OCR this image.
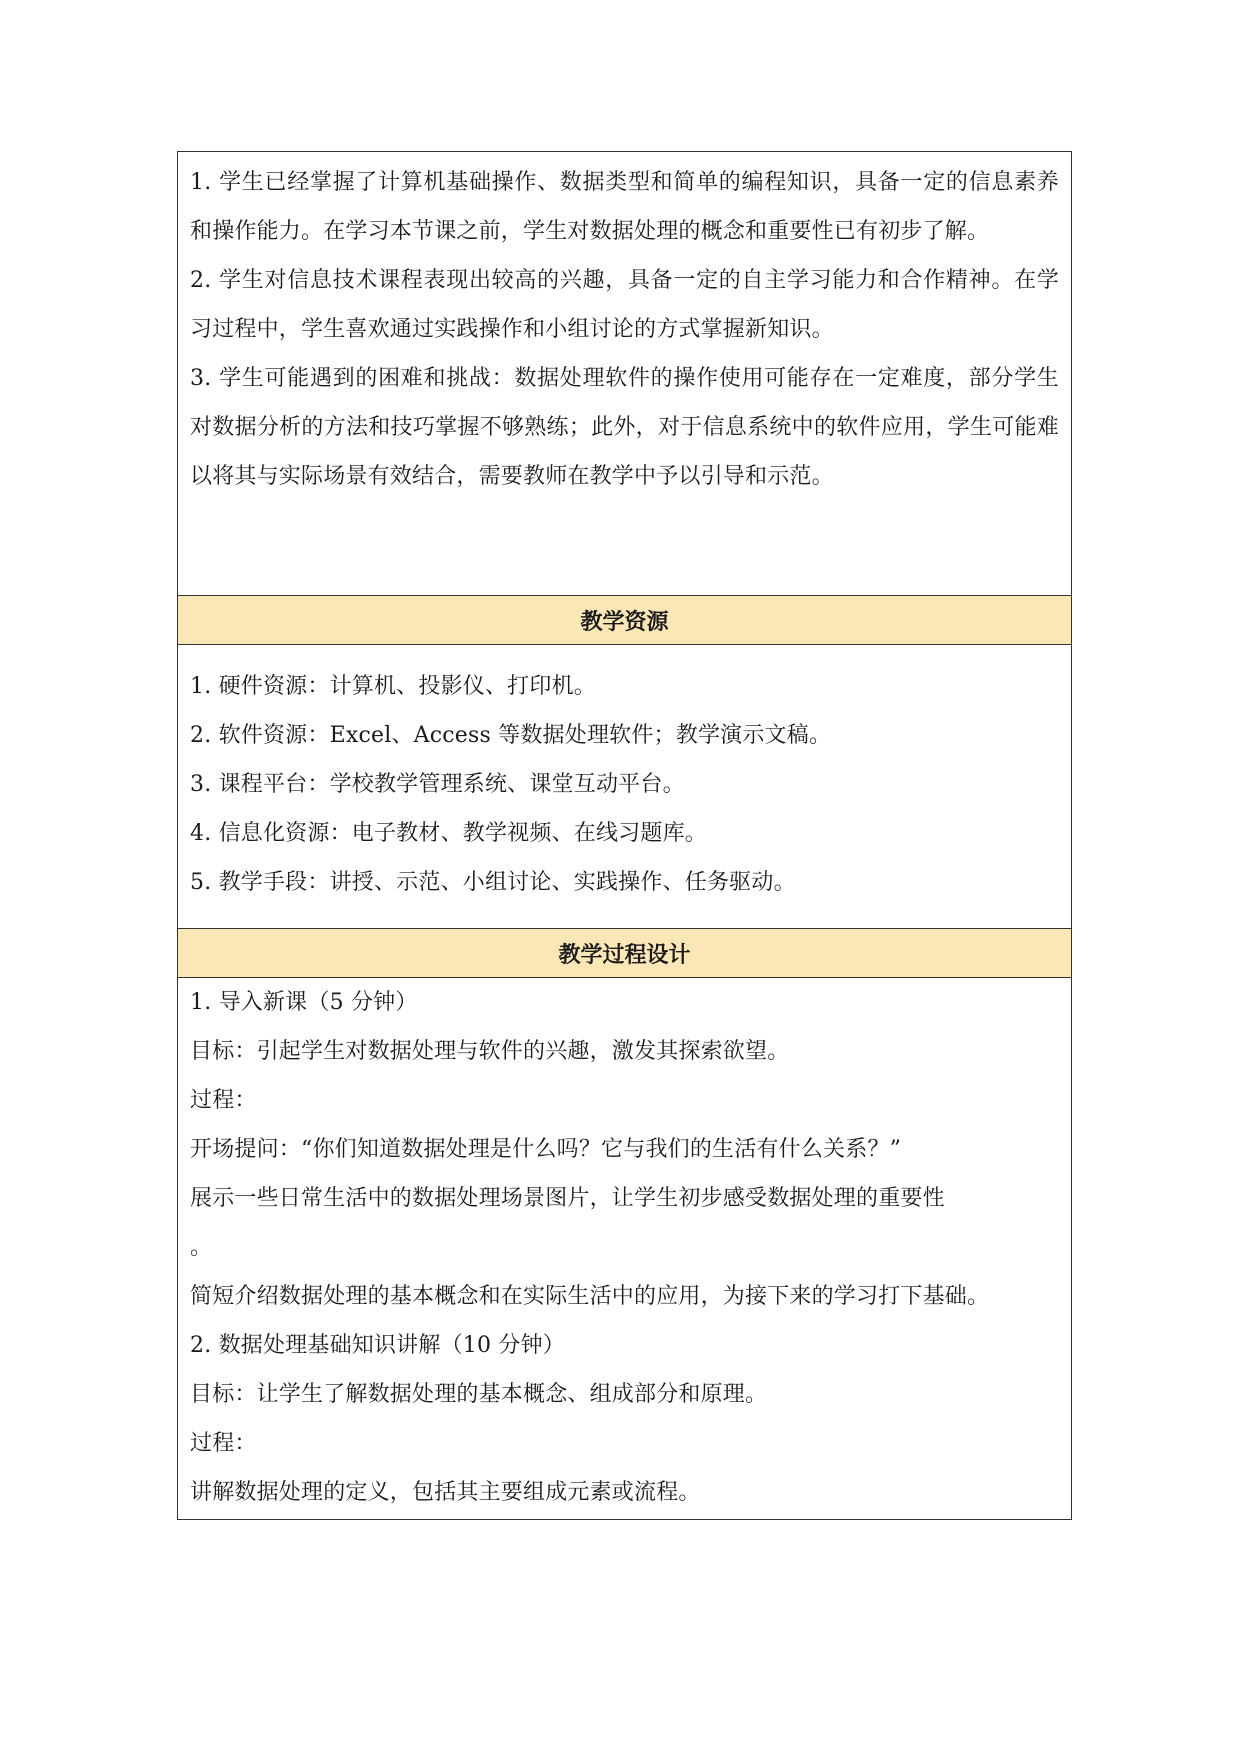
1. 学生已经掌握了计算机基础操作、数据类型和简单的编程知识，具备一定的信息素养和操作能力。在学习本节课之前，学生对数据处理的概念和重要性已有初步了解。

2. 学生对信息技术课程表现出较高的兴趣，具备一定的自主学习能力和合作精神。在学习过程中，学生喜欢通过实践操作和小组讨论的方式掌握新知识。

3. 学生可能遇到的困难和挑战：数据处理软件的操作使用可能存在一定难度，部分学生对数据分析的方法和技巧掌握不够熟练；此外，对于信息系统中的软件应用，学生可能难以将其与实际场景有效结合，需要教师在教学中予以引导和示范。

教学资源

1. 硬件资源：计算机、投影仪、打印机。

2. 软件资源：Excel、Access 等数据处理软件；教学演示文稿。

3. 课程平台：学校教学管理系统、课堂互动平台。

4. 信息化资源：电子教材、教学视频、在线习题库。

5. 教学手段：讲授、示范、小组讨论、实践操作、任务驱动。

教学过程设计

1. 导入新课（5 分钟）

目标：引起学生对数据处理与软件的兴趣，激发其探索欲望。

过程：

开场提问：“你们知道数据处理是什么吗？它与我们的生活有什么关系？”

展示一些日常生活中的数据处理场景图片，让学生初步感受数据处理的重要性

。

简短介绍数据处理的基本概念和在实际生活中的应用，为接下来的学习打下基础。

2. 数据处理基础知识讲解（10 分钟）

目标：让学生了解数据处理的基本概念、组成部分和原理。

过程：

讲解数据处理的定义，包括其主要组成元素或流程。
